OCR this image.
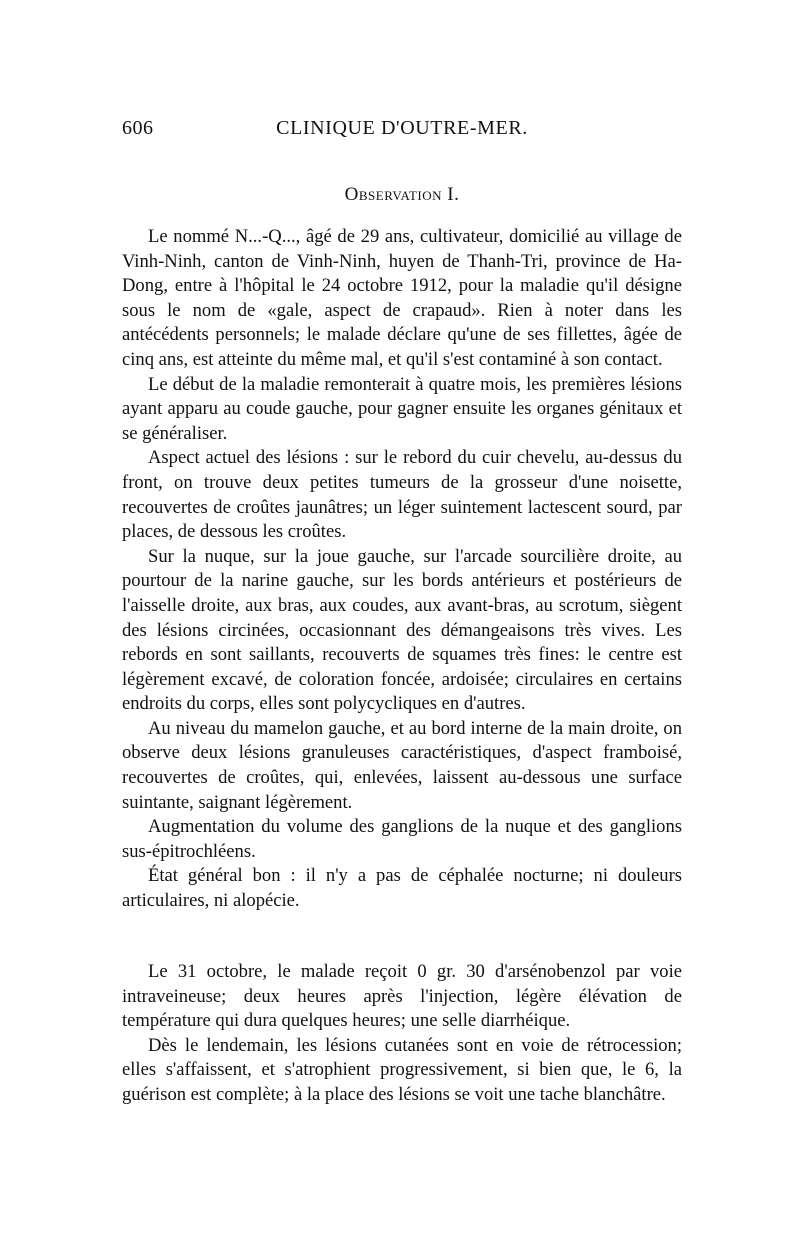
606	CLINIQUE D'OUTRE-MER.
Observation I.

Le nommé N...-Q..., âgé de 29 ans, cultivateur, domicilié au village de Vinh-Ninh, canton de Vinh-Ninh, huyen de Thanh-Tri, province de Ha-Dong, entre à l'hôpital le 24 octobre 1912, pour la maladie qu'il désigne sous le nom de «gale, aspect de crapaud». Rien à noter dans les antécédents personnels; le malade déclare qu'une de ses fillettes, âgée de cinq ans, est atteinte du même mal, et qu'il s'est contaminé à son contact.

Le début de la maladie remonterait à quatre mois, les premières lésions ayant apparu au coude gauche, pour gagner ensuite les organes génitaux et se généraliser.

Aspect actuel des lésions : sur le rebord du cuir chevelu, au-dessus du front, on trouve deux petites tumeurs de la grosseur d'une noisette, recouvertes de croûtes jaunâtres; un léger suintement lactescent sourd, par places, de dessous les croûtes.

Sur la nuque, sur la joue gauche, sur l'arcade sourcilière droite, au pourtour de la narine gauche, sur les bords antérieurs et postérieurs de l'aisselle droite, aux bras, aux coudes, aux avant-bras, au scrotum, siègent des lésions circinées, occasionnant des démangeaisons très vives. Les rebords en sont saillants, recouverts de squames très fines: le centre est légèrement excavé, de coloration foncée, ardoisée; circulaires en certains endroits du corps, elles sont polycycliques en d'autres.

Au niveau du mamelon gauche, et au bord interne de la main droite, on observe deux lésions granuleuses caractéristiques, d'aspect framboisé, recouvertes de croûtes, qui, enlevées, laissent au-dessous une surface suintante, saignant légèrement.

Augmentation du volume des ganglions de la nuque et des ganglions sus-épitrochléens.

État général bon : il n'y a pas de céphalée nocturne; ni douleurs articulaires, ni alopécie.

Le 31 octobre, le malade reçoit 0 gr. 30 d'arsénobenzol par voie intraveineuse; deux heures après l'injection, légère élévation de température qui dura quelques heures; une selle diarrhéique.

Dès le lendemain, les lésions cutanées sont en voie de rétrocession; elles s'affaissent, et s'atrophient progressivement, si bien que, le 6, la guérison est complète; à la place des lésions se voit une tache blanchâtre.
